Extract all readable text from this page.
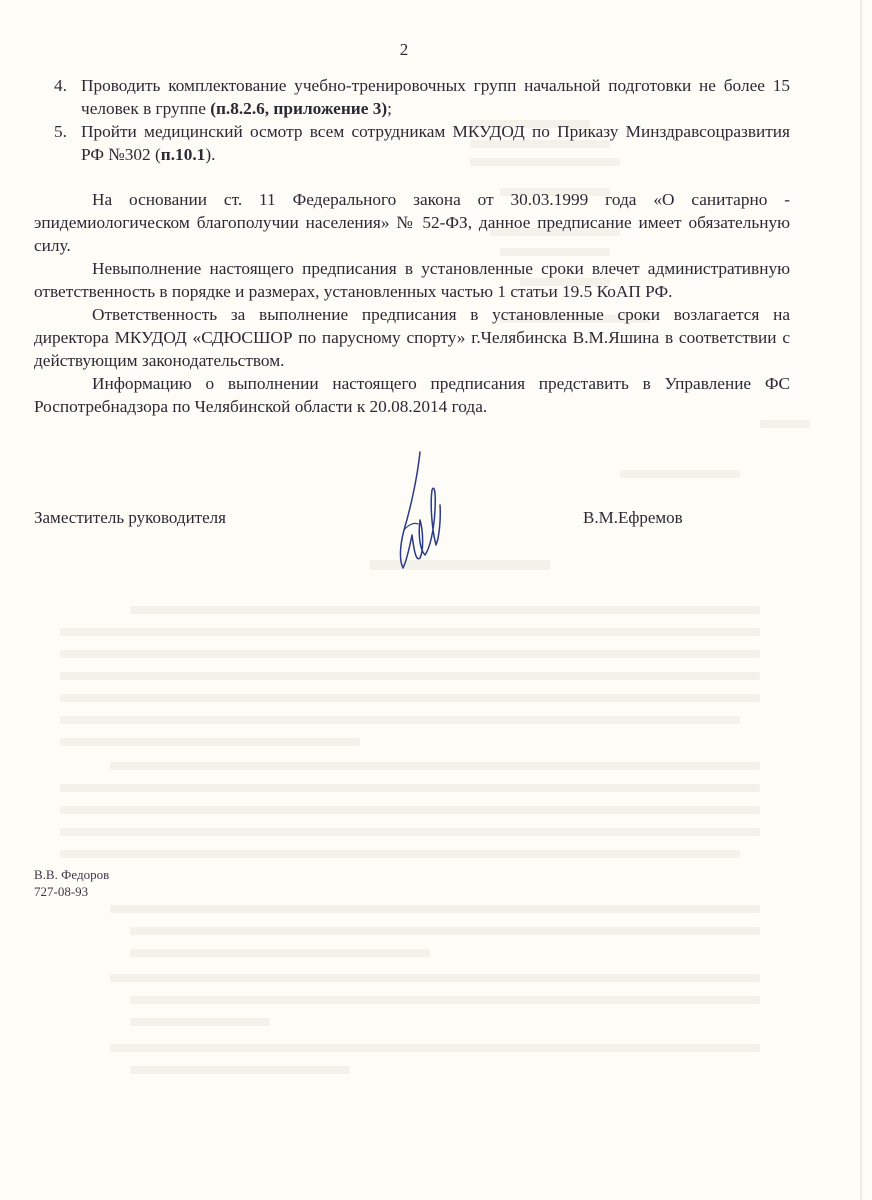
2
4. Проводить комплектование учебно-тренировочных групп начальной подготовки не более 15 человек в группе (п.8.2.6, приложение 3);
5. Пройти медицинский осмотр всем сотрудникам МКУДОД по Приказу Минздравсоцразвития РФ №302 (п.10.1).

На основании ст. 11 Федерального закона от 30.03.1999 года «О санитарно - эпидемиологическом благополучии населения» № 52-ФЗ, данное предписание имеет обязательную силу.

Невыполнение настоящего предписания в установленные сроки влечет административную ответственность в порядке и размерах, установленных частью 1 статьи 19.5 КоАП РФ.

Ответственность за выполнение предписания в установленные сроки возлагается на директора МКУДОД «СДЮСШОР по парусному спорту» г.Челябинска В.М.Яшина в соответствии с действующим законодательством.

Информацию о выполнении настоящего предписания представить в Управление ФС Роспотребнадзора по Челябинской области к 20.08.2014 года.

Заместитель руководителя	В.М.Ефремов
В.В. Федоров
727-08-93
